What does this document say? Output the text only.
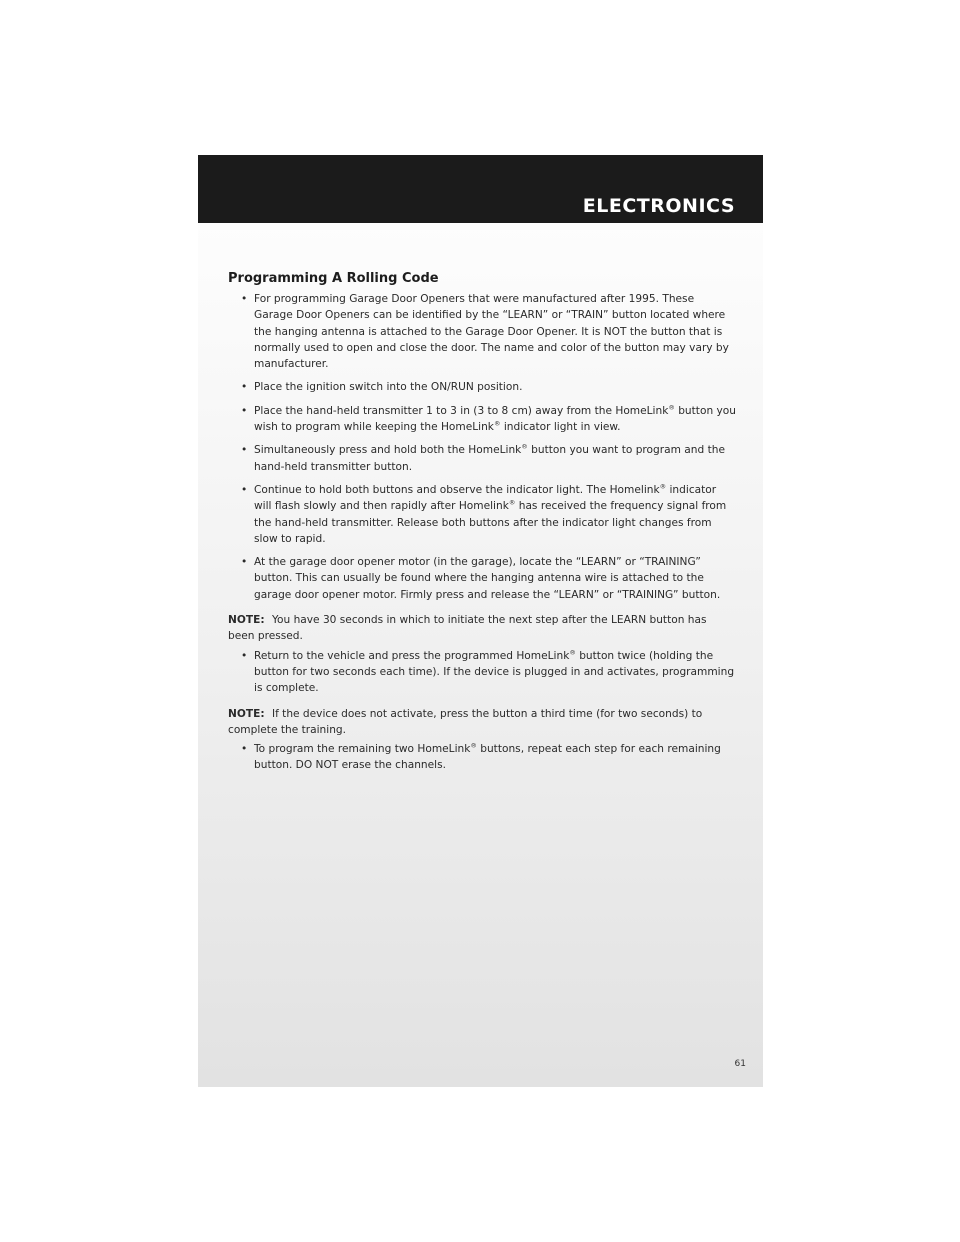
ELECTRONICS
Programming A Rolling Code
• For programming Garage Door Openers that were manufactured after 1995. These Garage Door Openers can be identified by the “LEARN” or “TRAIN” button located where the hanging antenna is attached to the Garage Door Opener. It is NOT the button that is normally used to open and close the door. The name and color of the button may vary by manufacturer.
• Place the ignition switch into the ON/RUN position.
• Place the hand-held transmitter 1 to 3 in (3 to 8 cm) away from the HomeLink® button you wish to program while keeping the HomeLink® indicator light in view.
• Simultaneously press and hold both the HomeLink® button you want to program and the hand-held transmitter button.
• Continue to hold both buttons and observe the indicator light. The Homelink® indicator will flash slowly and then rapidly after Homelink® has received the frequency signal from the hand-held transmitter. Release both buttons after the indicator light changes from slow to rapid.
• At the garage door opener motor (in the garage), locate the “LEARN” or “TRAINING” button. This can usually be found where the hanging antenna wire is attached to the garage door opener motor. Firmly press and release the “LEARN” or “TRAINING” button.
NOTE: You have 30 seconds in which to initiate the next step after the LEARN button has been pressed.
• Return to the vehicle and press the programmed HomeLink® button twice (holding the button for two seconds each time). If the device is plugged in and activates, programming is complete.
NOTE: If the device does not activate, press the button a third time (for two seconds) to complete the training.
• To program the remaining two HomeLink® buttons, repeat each step for each remaining button. DO NOT erase the channels.
61
